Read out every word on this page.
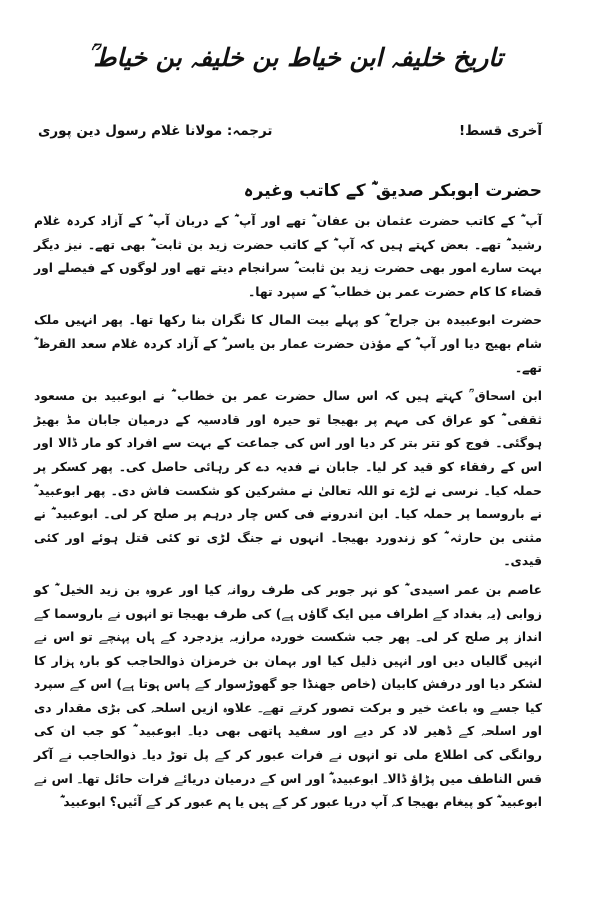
تاریخ خلیفہ ابن خیاط بن خلیفہ بن خیاط ؒ
آخری قسط!
ترجمہ: مولانا غلام رسول دین پوری
حضرت ابوبکر صدیق ؓ کے کاتب وغیرہ

آپ ؓ کے کاتب حضرت عثمان بن عفان ؓ تھے اور آپ ؓ کے دربان آپ ؓ کے آزاد کردہ غلام رشید ؓ تھے۔ بعض کہتے ہیں کہ آپ ؓ کے کاتب حضرت زید بن ثابت ؓ بھی تھے۔ نیز دیگر بہت سارے امور بھی حضرت زید بن ثابت ؓ سرانجام دیتے تھے اور لوگوں کے فیصلے اور قضاء کا کام حضرت عمر بن خطاب ؓ کے سپرد تھا۔

حضرت ابوعبیدہ بن جراح ؓ کو پہلے بیت المال کا نگران بنا رکھا تھا۔ پھر انہیں ملک شام بھیج دیا اور آپ ؓ کے مؤذن حضرت عمار بن یاسر ؓ کے آزاد کردہ غلام سعد القرظ ؓ تھے۔

ابن اسحاق ؒ کہتے ہیں کہ اس سال حضرت عمر بن خطاب ؓ نے ابوعبید بن مسعود ثقفی ؓ کو عراق کی مہم پر بھیجا تو حیرہ اور قادسیہ کے درمیان جابان مڈ بھیڑ ہوگئی۔ فوج کو تتر بتر کر دیا اور اس کی جماعت کے بہت سے افراد کو مار ڈالا اور اس کے رفقاء کو قید کر لیا۔ جابان نے فدیہ دے کر رہائی حاصل کی۔ پھر کسکر پر حملہ کیا۔ نرسی نے لڑے تو اللہ تعالیٰ نے مشرکین کو شکست فاش دی۔ پھر ابوعبید ؓ نے باروسما پر حملہ کیا۔ ابن اندرونے فی کس چار درہم پر صلح کر لی۔ ابوعبید ؓ نے مثنی بن حارثہ ؓ کو زندورد بھیجا۔ انہوں نے جنگ لڑی تو کئی قتل ہوئے اور کئی قیدی۔

عاصم بن عمر اسیدی ؓ کو نہر جوبر کی طرف روانہ کیا اور عروہ بن زید الخیل ؓ کو زوابی (یہ بغداد کے اطراف میں ایک گاؤں ہے) کی طرف بھیجا تو انہوں نے باروسما کے انداز پر صلح کر لی۔ پھر جب شکست خوردہ مرازبہ یزدجرد کے ہاں پہنچے تو اس نے انہیں گالیاں دیں اور انہیں ذلیل کیا اور بہمان بن خرمزان ذوالحاجب کو بارہ ہزار کا لشکر دیا اور درفش کابیان (خاص جھنڈا جو گھوڑسوار کے پاس ہوتا ہے) اس کے سپرد کیا جسے وہ باعث خیر و برکت تصور کرتے تھے۔ علاوہ ازیں اسلحہ کی بڑی مقدار دی اور اسلحہ کے ڈھیر لاد کر دیے اور سفید ہاتھی بھی دیا۔ ابوعبید ؓ کو جب ان کی روانگی کی اطلاع ملی تو انہوں نے فرات عبور کر کے پل توڑ دیا۔ ذوالحاجب نے آکر قس الناطف میں پڑاؤ ڈالا۔ ابوعبیدہ ؓ اور اس کے درمیان دریائے فرات حائل تھا۔ اس نے ابوعبید ؓ کو پیغام بھیجا کہ آپ دریا عبور کر کے ہیں یا ہم عبور کر کے آئیں؟ ابوعبید ؓ
